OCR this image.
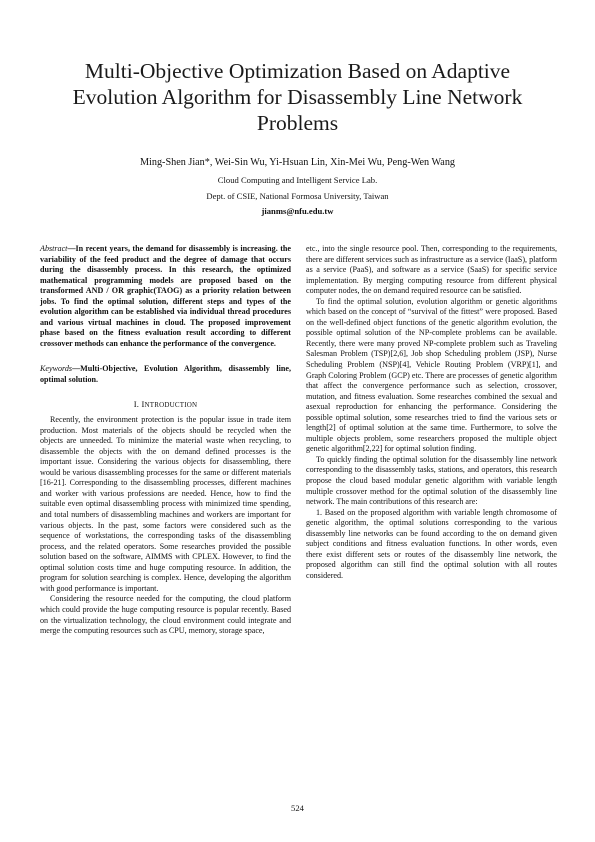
Multi-Objective Optimization Based on Adaptive Evolution Algorithm for Disassembly Line Network Problems
Ming-Shen Jian*, Wei-Sin Wu, Yi-Hsuan Lin, Xin-Mei Wu, Peng-Wen Wang
Cloud Computing and Intelligent Service Lab.
Dept. of CSIE, National Formosa University, Taiwan
jianms@nfu.edu.tw

Abstract—In recent years, the demand for disassembly is increasing. the variability of the feed product and the degree of damage that occurs during the disassembly process. In this research, the optimized mathematical programming models are proposed based on the transformed AND / OR graphic(TAOG) as a priority relation between jobs. To find the optimal solution, different steps and types of the evolution algorithm can be established via individual thread procedures and various virtual machines in cloud. The proposed improvement phase based on the fitness evaluation result according to different crossover methods can enhance the performance of the convergence.

Keywords—Multi-Objective, Evolution Algorithm, disassembly line, optimal solution.

I. INTRODUCTION

Recently, the environment protection is the popular issue in trade item production. Most materials of the objects should be recycled when the objects are unneeded. To minimize the material waste when recycling, to disassemble the objects with the on demand defined processes is the important issue. Considering the various objects for disassembling, there would be various disassembling processes for the same or different materials [16-21]. Corresponding to the disassembling processes, different machines and worker with various professions are needed. Hence, how to find the suitable even optimal disassembling process with minimized time spending, and total numbers of disassembling machines and workers are important for various objects. In the past, some factors were considered such as the sequence of workstations, the corresponding tasks of the disassembling process, and the related operators. Some researches provided the possible solution based on the software, AIMMS with CPLEX. However, to find the optimal solution costs time and huge computing resource. In addition, the program for solution searching is complex. Hence, developing the algorithm with good performance is important.

Considering the resource needed for the computing, the cloud platform which could provide the huge computing resource is popular recently. Based on the virtualization technology, the cloud environment could integrate and merge the computing resources such as CPU, memory, storage space,

etc., into the single resource pool. Then, corresponding to the requirements, there are different services such as infrastructure as a service (IaaS), platform as a service (PaaS), and software as a service (SaaS) for specific service implementation. By merging computing resource from different physical computer nodes, the on demand required resource can be satisfied.

To find the optimal solution, evolution algorithm or genetic algorithms which based on the concept of “survival of the fittest” were proposed. Based on the well-defined object functions of the genetic algorithm evolution, the possible optimal solution of the NP-complete problems can be available. Recently, there were many proved NP-complete problem such as Traveling Salesman Problem (TSP)[2,6], Job shop Scheduling problem (JSP), Nurse Scheduling Problem (NSP)[4], Vehicle Routing Problem (VRP)[1], and Graph Coloring Problem (GCP) etc. There are processes of genetic algorithm that affect the convergence performance such as selection, crossover, mutation, and fitness evaluation. Some researches combined the sexual and asexual reproduction for enhancing the performance. Considering the possible optimal solution, some researches tried to find the various sets or length[2] of optimal solution at the same time. Furthermore, to solve the multiple objects problem, some researchers proposed the multiple object genetic algorithm[2,22] for optimal solution finding.

To quickly finding the optimal solution for the disassembly line network corresponding to the disassembly tasks, stations, and operators, this research propose the cloud based modular genetic algorithm with variable length multiple crossover method for the optimal solution of the disassembly line network. The main contributions of this research are:

1. Based on the proposed algorithm with variable length chromosome of genetic algorithm, the optimal solutions corresponding to the various disassembly line networks can be found according to the on demand given subject conditions and fitness evaluation functions. In other words, even there exist different sets or routes of the disassembly line network, the proposed algorithm can still find the optimal solution with all routes considered.

524
